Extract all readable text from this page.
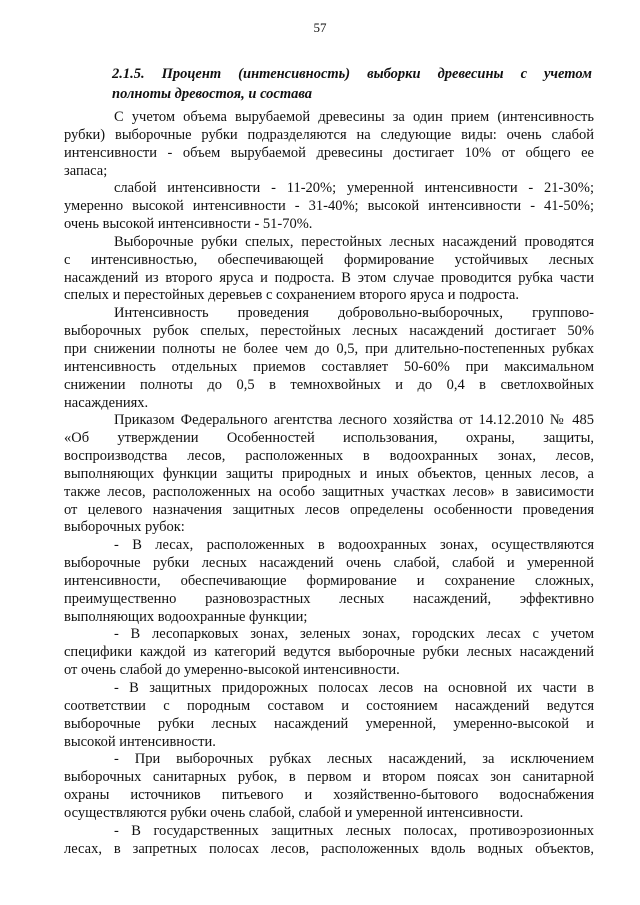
57
2.1.5. Процент (интенсивность) выборки древесины с учетом
полноты древостоя, и состава
С учетом объема вырубаемой древесины за один прием (интенсивность
рубки) выборочные рубки подразделяются на следующие виды: очень слабой
интенсивности - объем вырубаемой древесины достигает 10% от общего ее
запаса;
слабой интенсивности - 11-20%; умеренной интенсивности - 21-30%;
умеренно высокой интенсивности - 31-40%; высокой интенсивности - 41-50%;
очень высокой интенсивности - 51-70%.
Выборочные рубки спелых, перестойных лесных насаждений проводятся
с интенсивностью, обеспечивающей формирование устойчивых лесных
насаждений из второго яруса и подроста. В этом случае проводится рубка части
спелых и перестойных деревьев с сохранением второго яруса и подроста.
Интенсивность проведения добровольно-выборочных, группово-
выборочных рубок спелых, перестойных лесных насаждений достигает 50%
при снижении полноты не более чем до 0,5, при длительно-постепенных рубках
интенсивность отдельных приемов составляет 50-60% при максимальном
снижении полноты до 0,5 в темнохвойных и до 0,4 в светлохвойных
насаждениях.
Приказом Федерального агентства лесного хозяйства от 14.12.2010 № 485
«Об утверждении Особенностей использования, охраны, защиты,
воспроизводства лесов, расположенных в водоохранных зонах, лесов,
выполняющих функции защиты природных и иных объектов, ценных лесов, а
также лесов, расположенных на особо защитных участках лесов» в зависимости
от целевого назначения защитных лесов определены особенности проведения
выборочных рубок:
- В лесах, расположенных в водоохранных зонах, осуществляются
выборочные рубки лесных насаждений очень слабой, слабой и умеренной
интенсивности, обеспечивающие формирование и сохранение сложных,
преимущественно разновозрастных лесных насаждений, эффективно
выполняющих водоохранные функции;
- В лесопарковых зонах, зеленых зонах, городских лесах с учетом
специфики каждой из категорий ведутся выборочные рубки лесных насаждений
от очень слабой до умеренно-высокой интенсивности.
- В защитных придорожных полосах лесов на основной их части в
соответствии с породным составом и состоянием насаждений ведутся
выборочные рубки лесных насаждений умеренной, умеренно-высокой и
высокой интенсивности.
- При выборочных рубках лесных насаждений, за исключением
выборочных санитарных рубок, в первом и втором поясах зон санитарной
охраны источников питьевого и хозяйственно-бытового водоснабжения
осуществляются рубки очень слабой, слабой и умеренной интенсивности.
- В государственных защитных лесных полосах, противоэрозионных
лесах, в запретных полосах лесов, расположенных вдоль водных объектов,
